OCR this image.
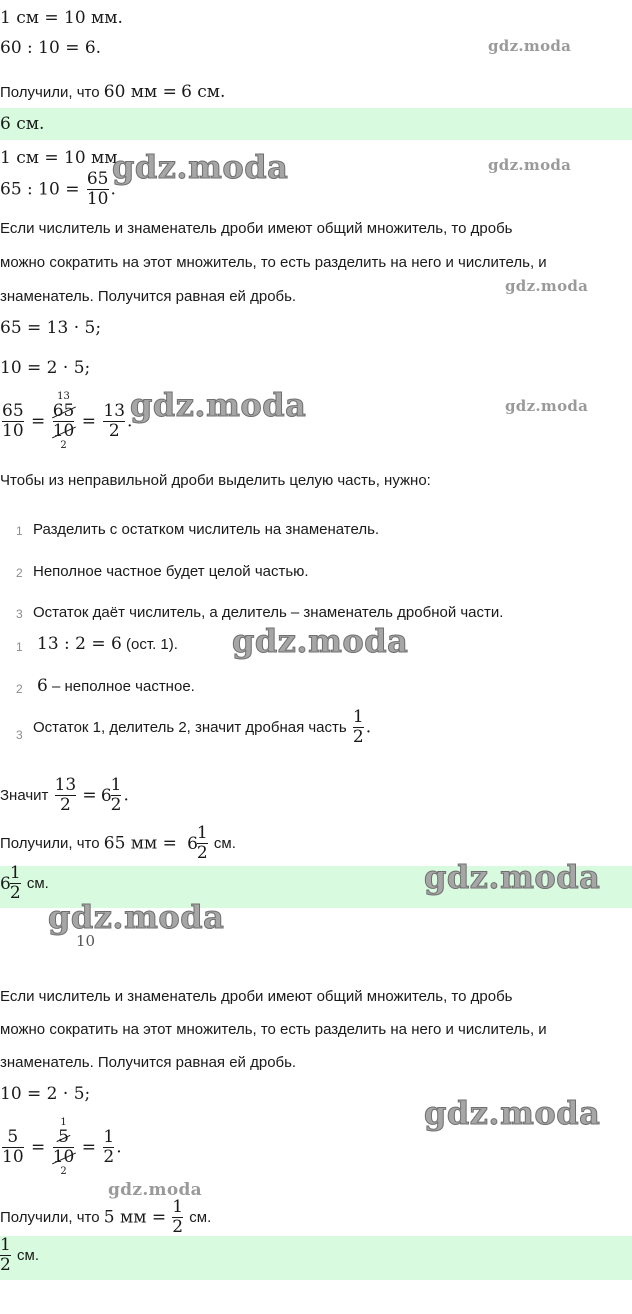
1 см = 10 мм.
60 : 10 = 6.	gdz.moda
Получили, что 60 мм = 6 см.
6 см.
1 см = 10 мм.
gdz.moda	gdz.moda
65 : $10 = \frac{65}{10}$ .
Если числитель и знаменатель дроби имеют общий множитель, то дробь
можно сократить на этот множитель, то есть разделить на него и числитель, и
знаменатель. Получится равная ей дробь.
gdz.moda
65 = 13 · 5;
10 = 2 · 5;
$\frac{65}{10}$ =
13
65
10
2
= $\frac{13}{2}$ .
gdz.moda	gdz.moda
Чтобы из неправильной дроби выделить целую часть, нужно:
1 Разделить с остатком числитель на знаменатель.
2 Неполное частное будет целой частью.
3 Остаток даёт числитель, а делитель – знаменатель дробной части.
1 13 : 2 = 6 (ост. 1). gdz.moda
2 6 – неполное частное.
3 Остаток 1, делитель 2, значит дробная часть $\frac{1}{2}$ .
Значит $\frac{13}{2} = 6 \frac{1}{2}$ .
Получили, что 65 мм = $6 \frac{1}{2}$ см.
$6 \frac{1}{2}$ см.	gdz.moda
gdz.moda
10
Если числитель и знаменатель дроби имеют общий множитель, то дробь
можно сократить на этот множитель, то есть разделить на него и числитель, и
знаменатель. Получится равная ей дробь.
10 = 2 · 5;	gdz.moda
$\frac{5}{10}$ =
1
5
10
2
= $\frac{1}{2}$ .
gdz.moda
Получили, что 5 мм = $\frac{1}{2}$ см.
$\frac{1}{2}$ см.
